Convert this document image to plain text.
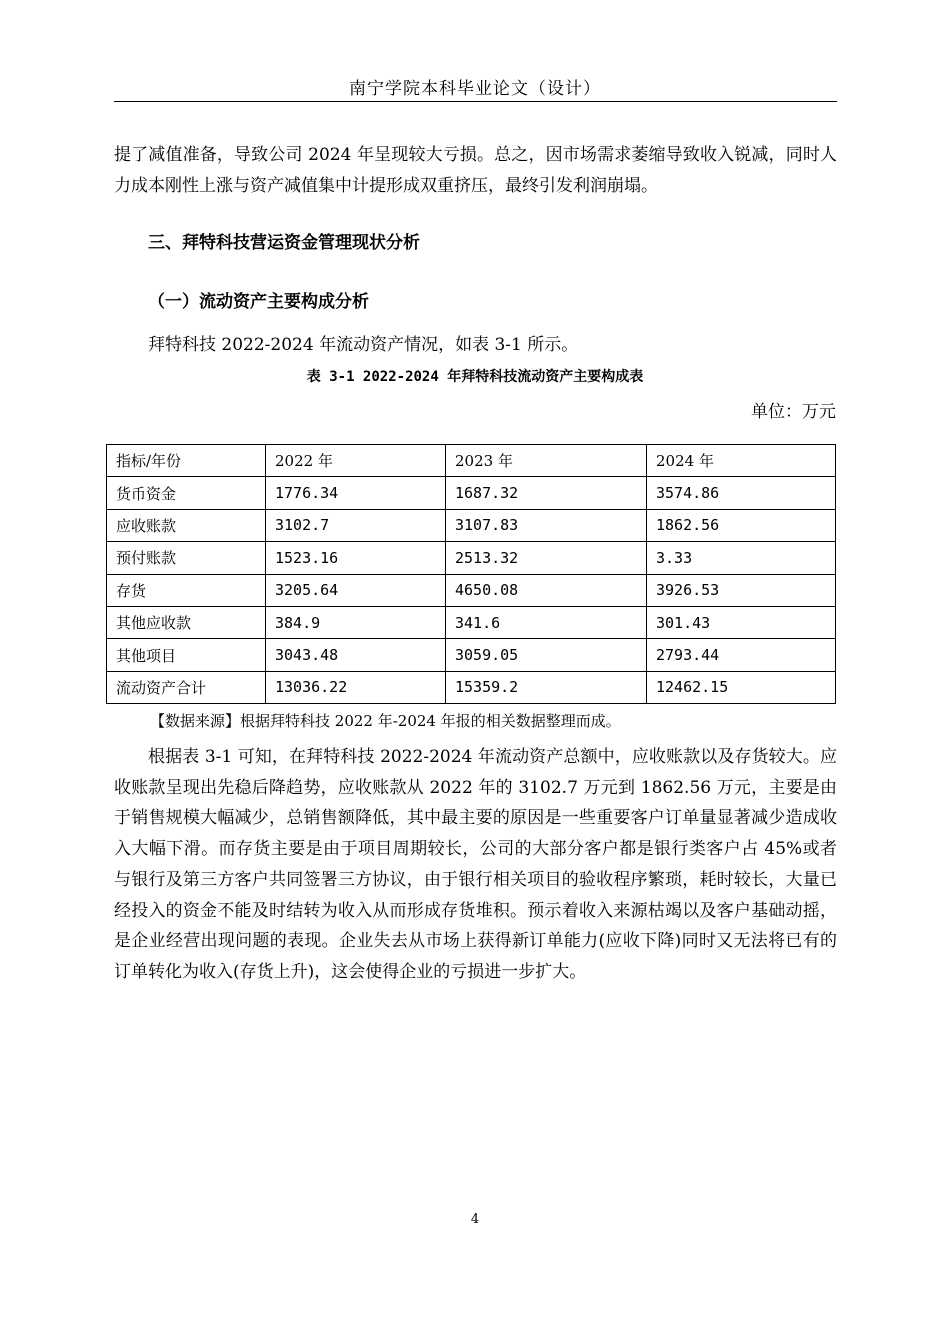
南宁学院本科毕业论文（设计）
提了减值准备，导致公司 2024 年呈现较大亏损。总之，因市场需求萎缩导致收入锐减，同时人力成本刚性上涨与资产减值集中计提形成双重挤压，最终引发利润崩塌。
三、拜特科技营运资金管理现状分析
（一）流动资产主要构成分析
拜特科技 2022-2024 年流动资产情况，如表 3-1 所示。
表 3-1 2022-2024 年拜特科技流动资产主要构成表
单位：万元
指标/年份	2022 年	2023 年	2024 年
货币资金	1776.34	1687.32	3574.86
应收账款	3102.7	3107.83	1862.56
预付账款	1523.16	2513.32	3.33
存货	3205.64	4650.08	3926.53
其他应收款	384.9	341.6	301.43
其他项目	3043.48	3059.05	2793.44
流动资产合计	13036.22	15359.2	12462.15
【数据来源】根据拜特科技 2022 年-2024 年报的相关数据整理而成。
根据表 3-1 可知，在拜特科技 2022-2024 年流动资产总额中，应收账款以及存货较大。应收账款呈现出先稳后降趋势，应收账款从 2022 年的 3102.7 万元到 1862.56 万元，主要是由于销售规模大幅减少，总销售额降低，其中最主要的原因是一些重要客户订单量显著减少造成收入大幅下滑。而存货主要是由于项目周期较长，公司的大部分客户都是银行类客户占 45%或者与银行及第三方客户共同签署三方协议，由于银行相关项目的验收程序繁琐，耗时较长，大量已经投入的资金不能及时结转为收入从而形成存货堆积。预示着收入来源枯竭以及客户基础动摇，是企业经营出现问题的表现。企业失去从市场上获得新订单能力(应收下降)同时又无法将已有的订单转化为收入(存货上升)，这会使得企业的亏损进一步扩大。
4
